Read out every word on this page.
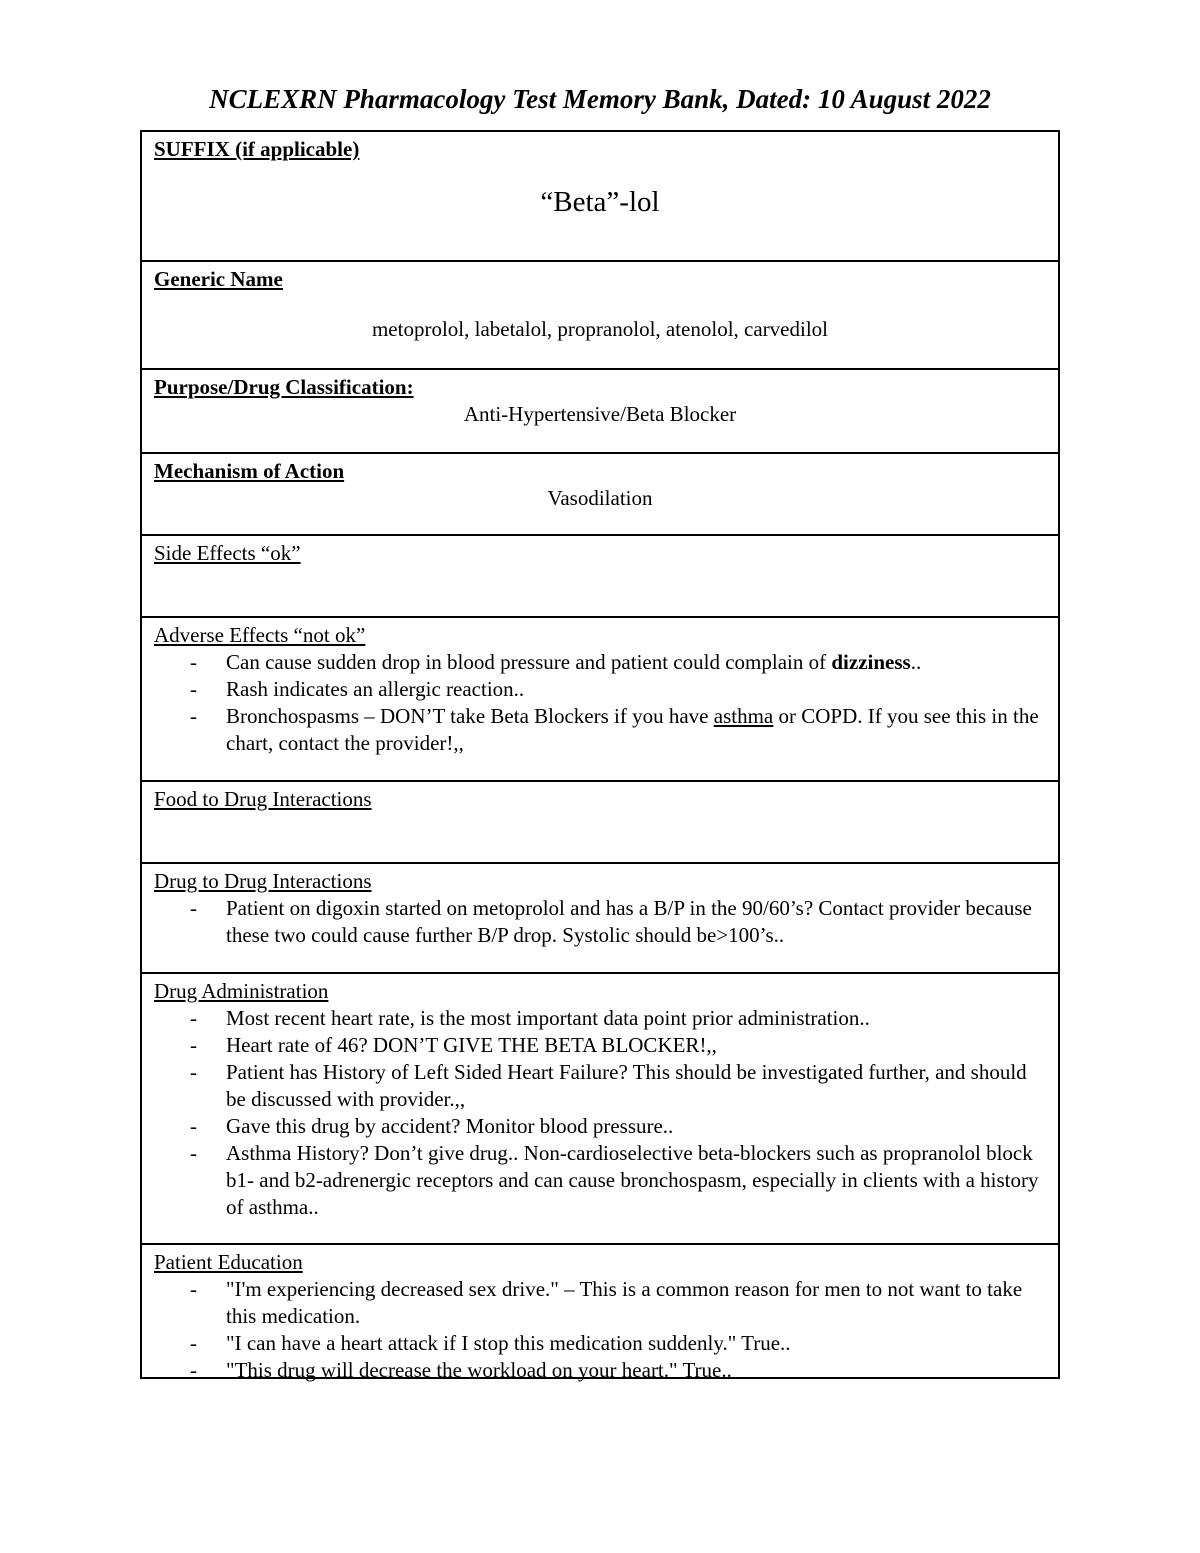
NCLEXRN Pharmacology Test Memory Bank, Dated: 10 August 2022
SUFFIX (if applicable)
“Beta”-lol
Generic Name
metoprolol, labetalol, propranolol, atenolol, carvedilol
Purpose/Drug Classification:
Anti-Hypertensive/Beta Blocker
Mechanism of Action
Vasodilation
Side Effects “ok”
Adverse Effects “not ok”
- Can cause sudden drop in blood pressure and patient could complain of dizziness..
- Rash indicates an allergic reaction..
- Bronchospasms – DON’T take Beta Blockers if you have asthma or COPD. If you see this in the chart, contact the provider!,,
Food to Drug Interactions
Drug to Drug Interactions
- Patient on digoxin started on metoprolol and has a B/P in the 90/60’s? Contact provider because these two could cause further B/P drop. Systolic should be>100’s..
Drug Administration
- Most recent heart rate, is the most important data point prior administration..
- Heart rate of 46? DON’T GIVE THE BETA BLOCKER!,,
- Patient has History of Left Sided Heart Failure? This should be investigated further, and should be discussed with provider.,,
- Gave this drug by accident? Monitor blood pressure..
- Asthma History? Don’t give drug.. Non-cardioselective beta-blockers such as propranolol block b1- and b2-adrenergic receptors and can cause bronchospasm, especially in clients with a history of asthma..
Patient Education
- "I'm experiencing decreased sex drive." – This is a common reason for men to not want to take this medication.
- "I can have a heart attack if I stop this medication suddenly." True..
- "This drug will decrease the workload on your heart." True..
